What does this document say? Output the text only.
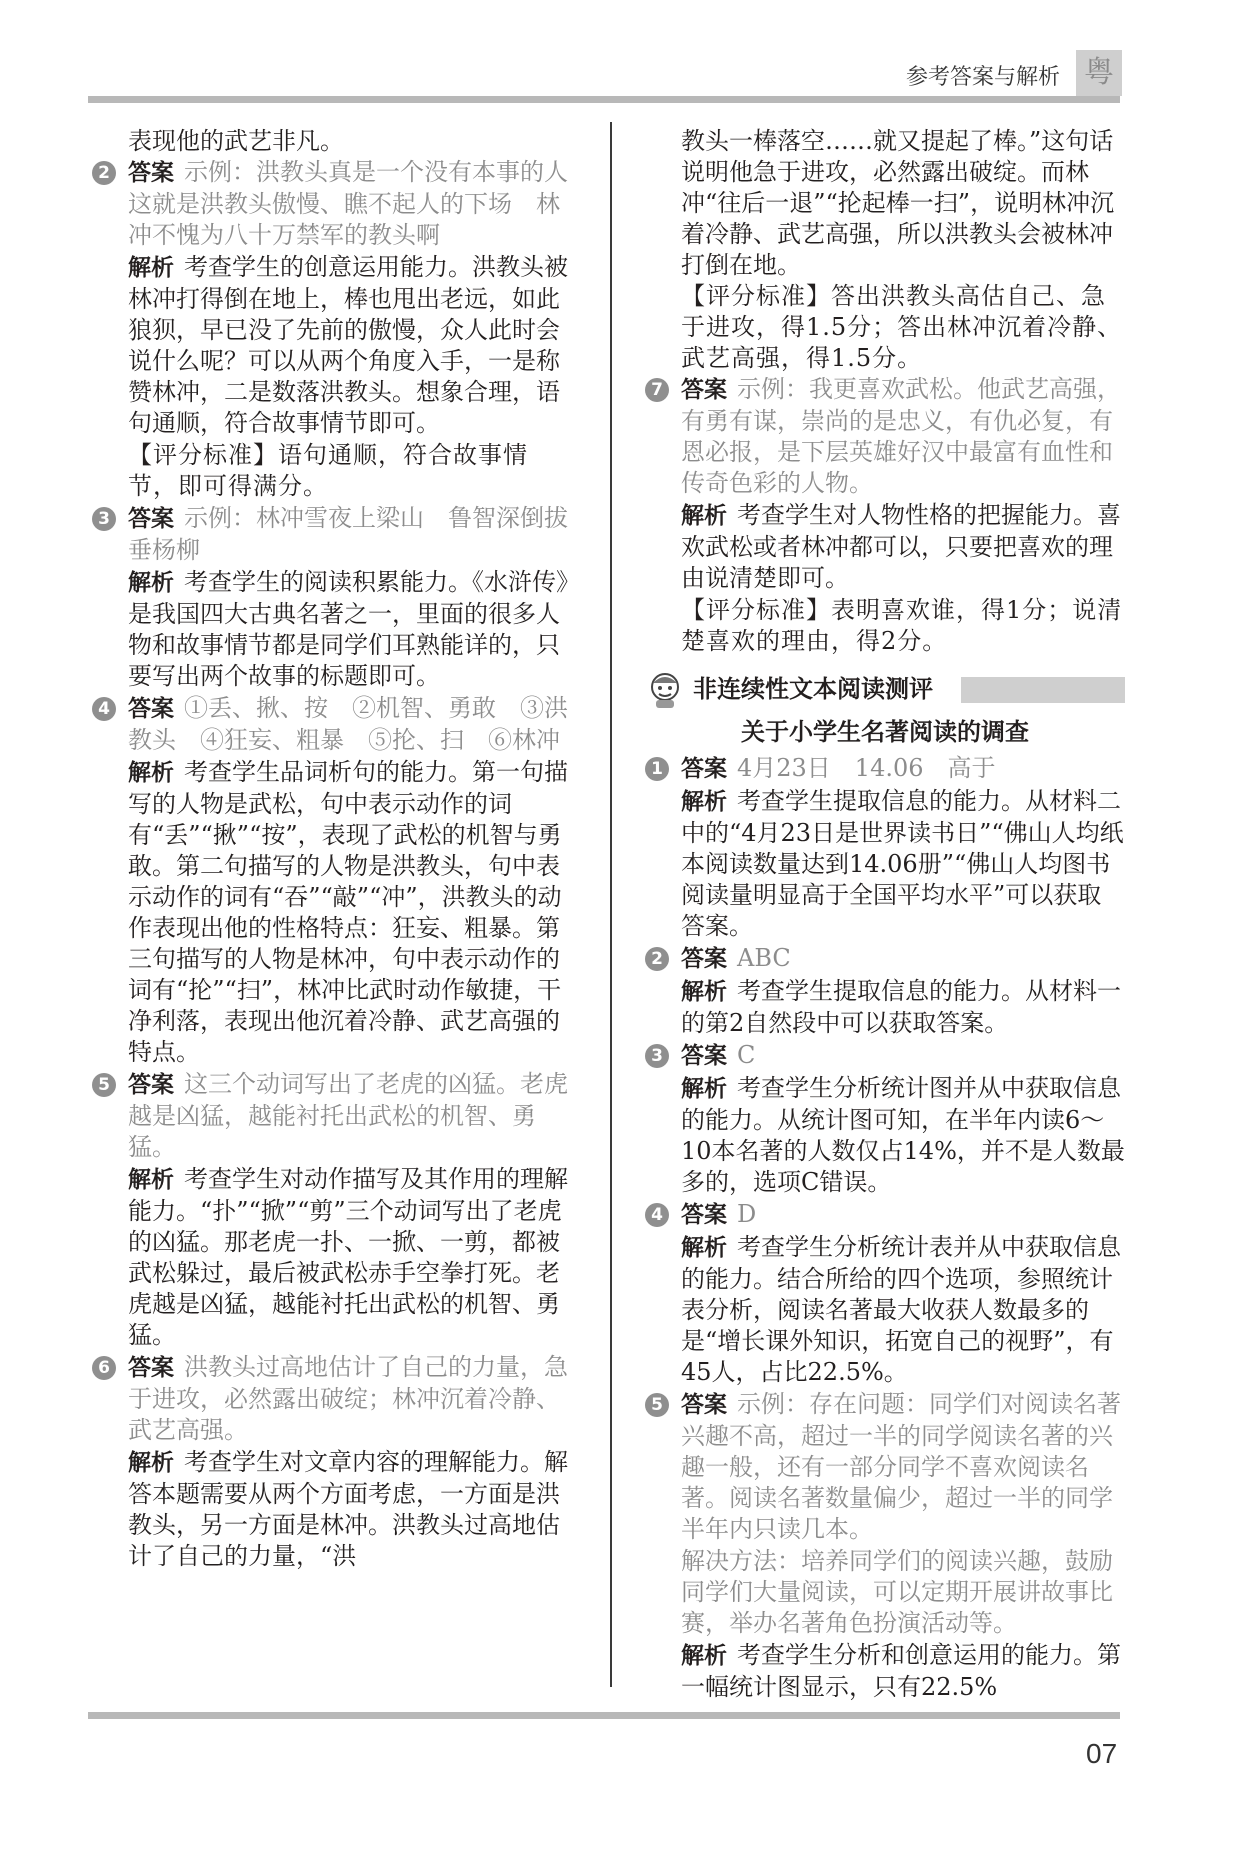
参考答案与解析 粤
表现他的武艺非凡。
2 答案 示例：洪教头真是一个没有本事的人　这就是洪教头傲慢、瞧不起人的下场　林冲不愧为八十万禁军的教头啊
解析 考查学生的创意运用能力。洪教头被林冲打得倒在地上，棒也甩出老远，如此狼狈，早已没了先前的傲慢，众人此时会说什么呢？可以从两个角度入手，一是称赞林冲，二是数落洪教头。想象合理，语句通顺，符合故事情节即可。
【评分标准】语句通顺，符合故事情节，即可得满分。
3 答案 示例：林冲雪夜上梁山　鲁智深倒拔垂杨柳
解析 考查学生的阅读积累能力。《水浒传》是我国四大古典名著之一，里面的很多人物和故事情节都是同学们耳熟能详的，只要写出两个故事的标题即可。
4 答案 ①丢、揪、按　②机智、勇敢　③洪教头　④狂妄、粗暴　⑤抡、扫　⑥林冲
解析 考查学生品词析句的能力。第一句描写的人物是武松，句中表示动作的词有“丢”“揪”“按”，表现了武松的机智与勇敢。第二句描写的人物是洪教头，句中表示动作的词有“吞”“敲”“冲”，洪教头的动作表现出他的性格特点：狂妄、粗暴。第三句描写的人物是林冲，句中表示动作的词有“抡”“扫”，林冲比武时动作敏捷，干净利落，表现出他沉着冷静、武艺高强的特点。
5 答案 这三个动词写出了老虎的凶猛。老虎越是凶猛，越能衬托出武松的机智、勇猛。
解析 考查学生对动作描写及其作用的理解能力。“扑”“掀”“剪”三个动词写出了老虎的凶猛。那老虎一扑、一掀、一剪，都被武松躲过，最后被武松赤手空拳打死。老虎越是凶猛，越能衬托出武松的机智、勇猛。
6 答案 洪教头过高地估计了自己的力量，急于进攻，必然露出破绽；林冲沉着冷静、武艺高强。
解析 考查学生对文章内容的理解能力。解答本题需要从两个方面考虑，一方面是洪教头，另一方面是林冲。洪教头过高地估计了自己的力量，“洪
教头一棒落空……就又提起了棒。”这句话说明他急于进攻，必然露出破绽。而林冲“往后一退”“抡起棒一扫”，说明林冲沉着冷静、武艺高强，所以洪教头会被林冲打倒在地。
【评分标准】答出洪教头高估自己、急于进攻，得1.5分；答出林冲沉着冷静、武艺高强，得1.5分。
7 答案 示例：我更喜欢武松。他武艺高强，有勇有谋，崇尚的是忠义，有仇必复，有恩必报，是下层英雄好汉中最富有血性和传奇色彩的人物。
解析 考查学生对人物性格的把握能力。喜欢武松或者林冲都可以，只要把喜欢的理由说清楚即可。
【评分标准】表明喜欢谁，得1分；说清楚喜欢的理由，得2分。
非连续性文本阅读测评
关于小学生名著阅读的调查
1 答案 4月23日　14.06　高于
解析 考查学生提取信息的能力。从材料二中的“4月23日是世界读书日”“佛山人均纸本阅读数量达到14.06册”“佛山人均图书阅读量明显高于全国平均水平”可以获取答案。
2 答案 ABC
解析 考查学生提取信息的能力。从材料一的第2自然段中可以获取答案。
3 答案 C
解析 考查学生分析统计图并从中获取信息的能力。从统计图可知，在半年内读6～10本名著的人数仅占14%，并不是人数最多的，选项C错误。
4 答案 D
解析 考查学生分析统计表并从中获取信息的能力。结合所给的四个选项，参照统计表分析，阅读名著最大收获人数最多的是“增长课外知识，拓宽自己的视野”，有45人，占比22.5%。
5 答案 示例：存在问题：同学们对阅读名著兴趣不高，超过一半的同学阅读名著的兴趣一般，还有一部分同学不喜欢阅读名著。阅读名著数量偏少，超过一半的同学半年内只读几本。
解决方法：培养同学们的阅读兴趣，鼓励同学们大量阅读，可以定期开展讲故事比赛，举办名著角色扮演活动等。
解析 考查学生分析和创意运用的能力。第一幅统计图显示，只有22.5%
07
